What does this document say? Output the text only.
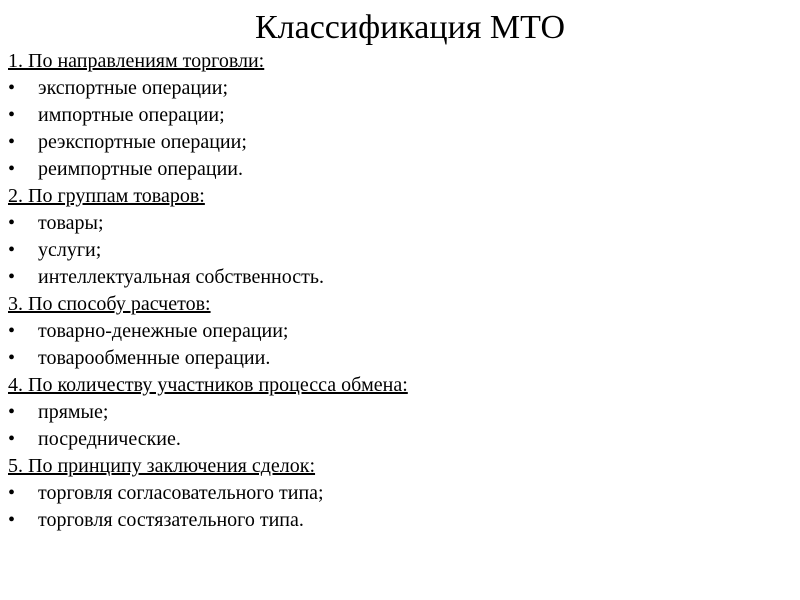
Классификация МТО
1. По направлениям торговли:
•	экспортные операции;
•	импортные операции;
•	реэкспортные операции;
•	реимпортные операции.
2. По группам товаров:
•	товары;
•	услуги;
•	интеллектуальная собственность.
3. По способу расчетов:
•	товарно-денежные операции;
•	товарообменные операции.
4. По количеству участников процесса обмена:
•	прямые;
•	посреднические.
5. По принципу заключения сделок:
•	торговля согласовательного типа;
•	торговля состязательного типа.
